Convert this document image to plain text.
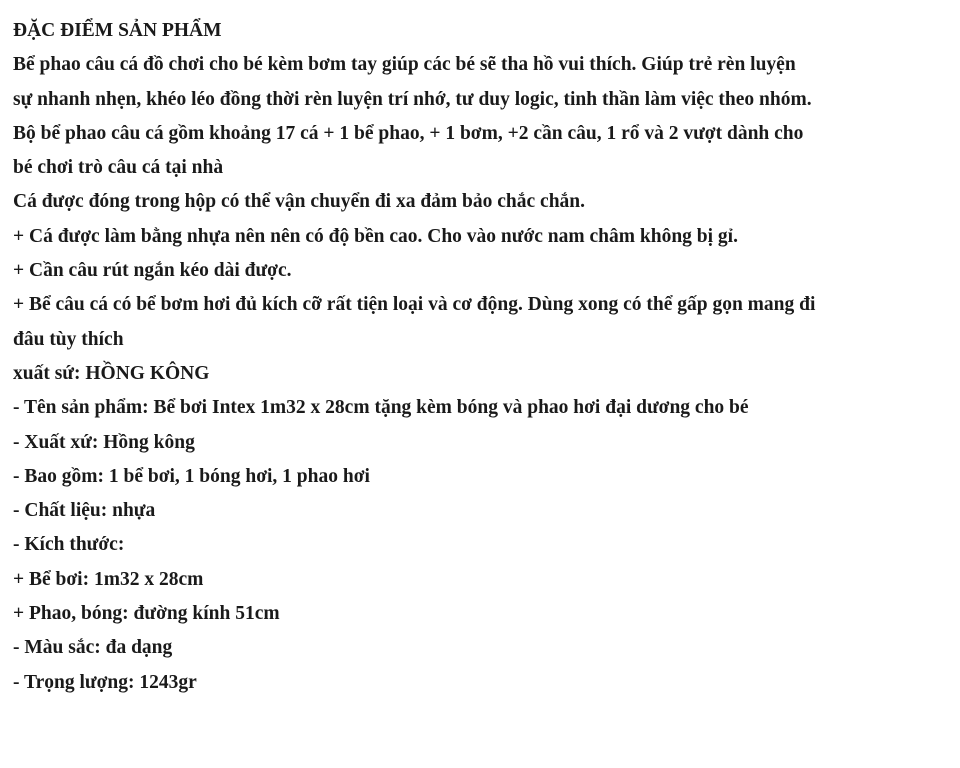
ĐẶC ĐIỂM SẢN PHẨM
Bể phao câu cá đồ chơi cho bé kèm bơm tay giúp các bé sẽ tha hồ vui thích. Giúp trẻ rèn luyện
sự nhanh nhẹn, khéo léo đồng thời rèn luyện trí nhớ, tư duy logic, tinh thần làm việc theo nhóm.
Bộ bể phao câu cá gồm khoảng 17 cá + 1 bể phao, + 1 bơm, +2 cần câu, 1 rổ và 2 vượt dành cho
bé chơi trò câu cá tại nhà
Cá được đóng trong hộp có thể vận chuyển đi xa đảm bảo chắc chắn.
+ Cá được làm bằng nhựa nên nên có độ bền cao. Cho vào nước nam châm không bị gỉ.
+ Cần câu rút ngắn kéo dài được.
+ Bể câu cá có bể bơm hơi đủ kích cỡ rất tiện loại và cơ động. Dùng xong có thể gấp gọn mang đi
đâu tùy thích
xuất sứ: HỒNG KÔNG
- Tên sản phẩm: Bể bơi Intex 1m32 x 28cm tặng kèm bóng và phao hơi đại dương cho bé
- Xuất xứ: Hồng kông
- Bao gồm: 1 bể bơi, 1 bóng hơi, 1 phao hơi
- Chất liệu: nhựa
- Kích thước:
+ Bể bơi: 1m32 x 28cm
+ Phao, bóng: đường kính 51cm
- Màu sắc: đa dạng
- Trọng lượng: 1243gr
